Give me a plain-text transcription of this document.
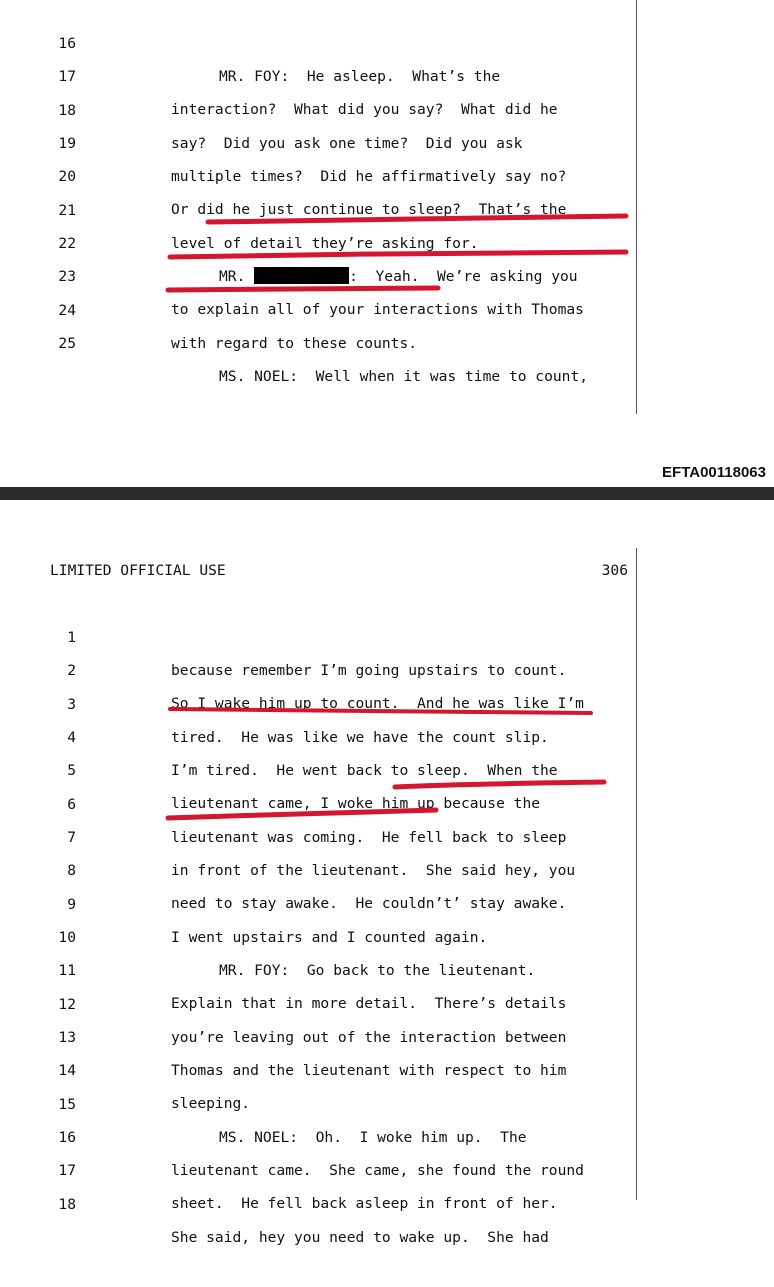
16

MR. FOY:  He asleep.  What’s the

17

interaction?  What did you say?  What did he

18

say?  Did you ask one time?  Did you ask

19

multiple times?  Did he affirmatively say no?

20

Or did he just continue to sleep?  That’s the

21

level of detail they’re asking for.

22

MR.	:  Yeah.  We’re asking you

23

to explain all of your interactions with Thomas

24

with regard to these counts.

25

MS. NOEL:  Well when it was time to count,

EFTA00118063
LIMITED OFFICIAL USE	306

1

because remember I’m going upstairs to count.

2

So I wake him up to count.  And he was like I’m

3

tired.  He was like we have the count slip.

4

I’m tired.  He went back to sleep.  When the

5

lieutenant came, I woke him up because the

6

lieutenant was coming.  He fell back to sleep

7

in front of the lieutenant.  She said hey, you

8

need to stay awake.  He couldn’t’ stay awake.

9

I went upstairs and I counted again.

10

MR. FOY:  Go back to the lieutenant.

11

Explain that in more detail.  There’s details

12

you’re leaving out of the interaction between

13

Thomas and the lieutenant with respect to him

14

sleeping.

15

MS. NOEL:  Oh.  I woke him up.  The

16

lieutenant came.  She came, she found the round

17

sheet.  He fell back asleep in front of her.

18

She said, hey you need to wake up.  She had
